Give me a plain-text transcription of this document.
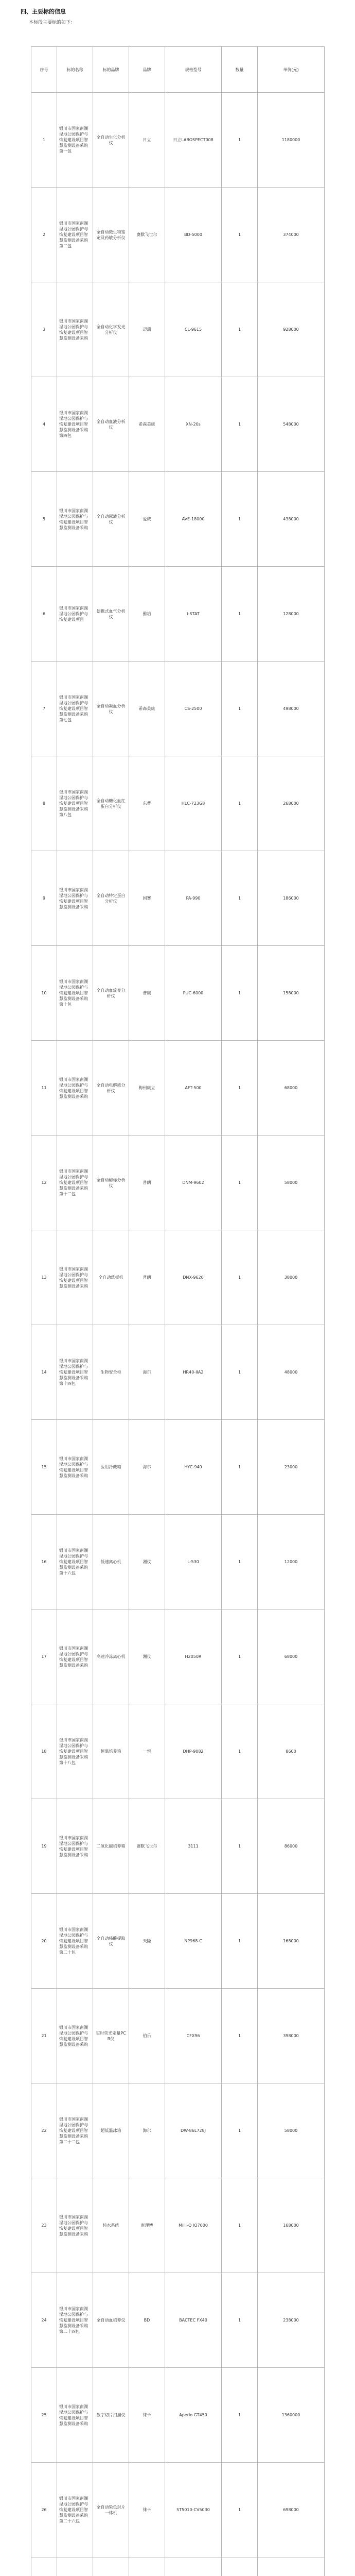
四、主要标的信息
本标段主要标的如下：
序号	标的名称	标的品牌	品牌	规格型号	数量	单价(元)
1	银川市国家南湖湿地公园保护与恢复建设项目智慧监测设备采购第一包	全自动生化分析仪	日立	日立LABOSPECT008	1	1180000
2	银川市国家南湖湿地公园保护与恢复建设项目智慧监测设备采购第二包	全自动微生物鉴定及药敏分析仪	赛默飞世尔	BD-5000	1	374000
3	银川市国家南湖湿地公园保护与恢复建设项目智慧监测设备采购	全自动化学发光分析仪	迈瑞	CL-9615	1	928000
4	银川市国家南湖湿地公园保护与恢复建设项目智慧监测设备采购第四包	全自动血液分析仪	希森美康	XN-20s	1	548000
5	银川市国家南湖湿地公园保护与恢复建设项目智慧监测设备采购	全自动尿液分析仪	爱威	AVE-18000	1	438000
6	银川市国家南湖湿地公园保护与恢复建设项目	便携式血气分析仪	雅培	i-STAT	1	128000
7	银川市国家南湖湿地公园保护与恢复建设项目智慧监测设备采购第七包	全自动凝血分析仪	希森美康	CS-2500	1	498000
8	银川市国家南湖湿地公园保护与恢复建设项目智慧监测设备采购第八包	全自动糖化血红蛋白分析仪	东曹	HLC-723G8	1	268000
9	银川市国家南湖湿地公园保护与恢复建设项目智慧监测设备采购	全自动特定蛋白分析仪	国赛	PA-990	1	186000
10	银川市国家南湖湿地公园保护与恢复建设项目智慧监测设备采购第十包	全自动血流变分析仪	普康	PUC-6000	1	158000
11	银川市国家南湖湿地公园保护与恢复建设项目智慧监测设备采购	全自动电解质分析仪	梅州康立	AFT-500	1	68000
12	银川市国家南湖湿地公园保护与恢复建设项目智慧监测设备采购第十二包	全自动酶标分析仪	普朗	DNM-9602	1	58000
13	银川市国家南湖湿地公园保护与恢复建设项目智慧监测设备采购	全自动洗板机	普朗	DNX-9620	1	38000
14	银川市国家南湖湿地公园保护与恢复建设项目智慧监测设备采购第十四包	生物安全柜	海尔	HR40-IIA2	1	48000
15	银川市国家南湖湿地公园保护与恢复建设项目智慧监测设备采购	医用冷藏箱	海尔	HYC-940	1	23000
16	银川市国家南湖湿地公园保护与恢复建设项目智慧监测设备采购第十六包	低速离心机	湘仪	L-530	1	12000
17	银川市国家南湖湿地公园保护与恢复建设项目智慧监测设备采购	高速冷冻离心机	湘仪	H2050R	1	68000
18	银川市国家南湖湿地公园保护与恢复建设项目智慧监测设备采购第十八包	恒温培养箱	一恒	DHP-9082	1	8600
19	银川市国家南湖湿地公园保护与恢复建设项目智慧监测设备采购	二氧化碳培养箱	赛默飞世尔	3111	1	86000
20	银川市国家南湖湿地公园保护与恢复建设项目智慧监测设备采购第二十包	全自动核酸提取仪	天隆	NP968-C	1	168000
21	银川市国家南湖湿地公园保护与恢复建设项目智慧监测设备采购	实时荧光定量PCR仪	伯乐	CFX96	1	398000
22	银川市国家南湖湿地公园保护与恢复建设项目智慧监测设备采购第二十二包	超低温冰箱	海尔	DW-86L728J	1	58000
23	银川市国家南湖湿地公园保护与恢复建设项目智慧监测设备采购	纯水系统	密理博	Milli-Q IQ7000	1	168000
24	银川市国家南湖湿地公园保护与恢复建设项目智慧监测设备采购第二十四包	全自动血培养仪	BD	BACTEC FX40	1	238000
25	银川市国家南湖湿地公园保护与恢复建设项目智慧监测设备采购	数字切片扫描仪	徕卡	Aperio GT450	1	1360000
26	银川市国家南湖湿地公园保护与恢复建设项目智慧监测设备采购第二十六包	全自动染色封片一体机	徕卡	ST5010-CV5030	1	698000
